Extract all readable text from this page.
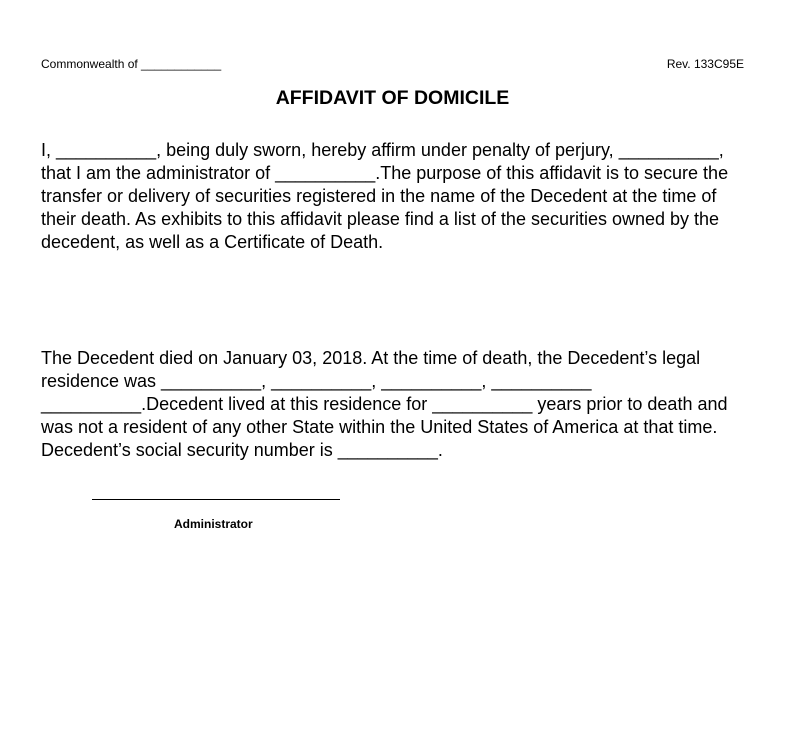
Commonwealth of ____________	Rev. 133C95E
AFFIDAVIT OF DOMICILE

I, __________, being duly sworn, hereby affirm under penalty of perjury, __________, that I am the administrator of __________.The purpose of this affidavit is to secure the transfer or delivery of securities registered in the name of the Decedent at the time of their death. As exhibits to this affidavit please find a list of the securities owned by the decedent, as well as a Certificate of Death.

The Decedent died on January 03, 2018. At the time of death, the Decedent’s legal residence was __________, __________, __________, __________ __________.Decedent lived at this residence for __________ years prior to death and was not a resident of any other State within the United States of America at that time. Decedent’s social security number is __________.

Administrator
